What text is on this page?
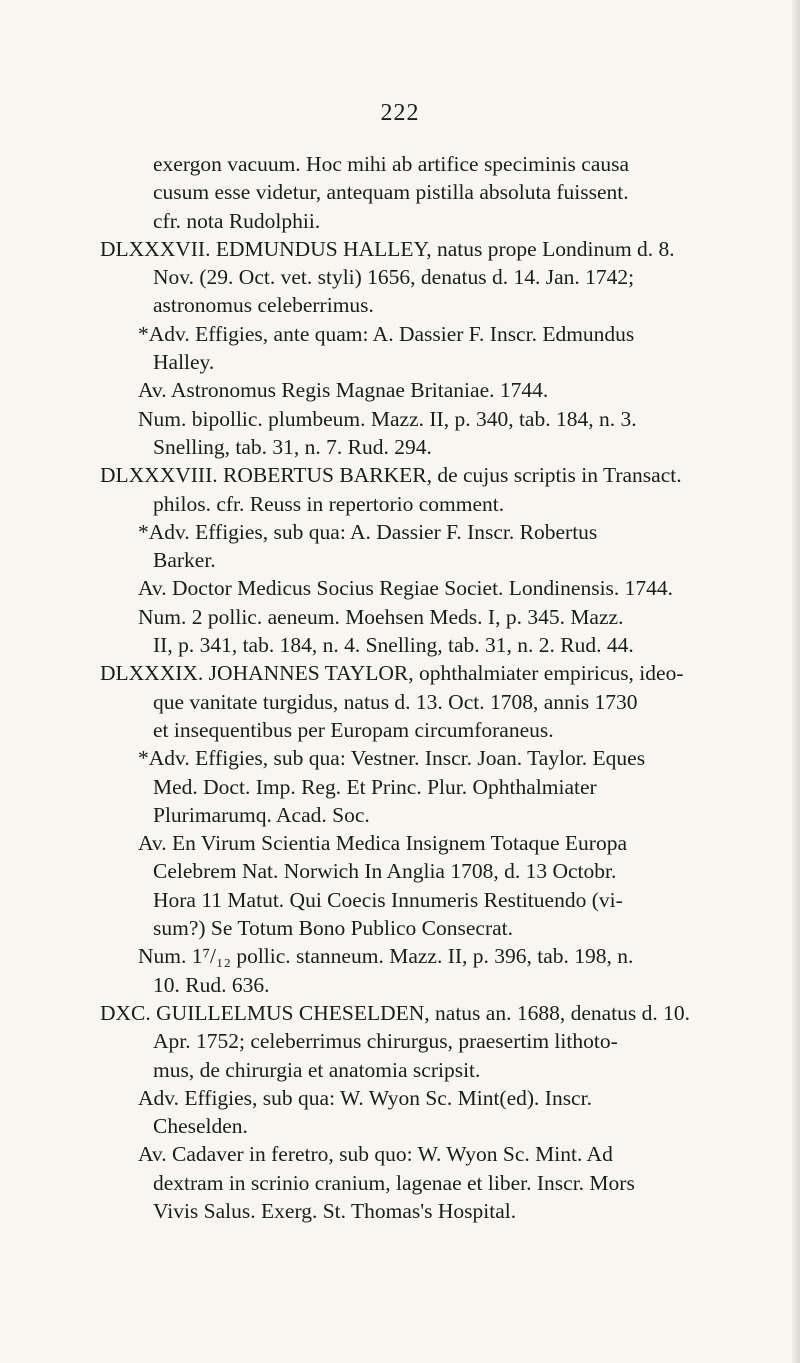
222
exergon vacuum. Hoc mihi ab artifice speciminis causa
cusum esse videtur, antequam pistilla absoluta fuissent.
cfr. nota Rudolphii.
DLXXXVII. EDMUNDUS HALLEY, natus prope Londinum d. 8.
Nov. (29. Oct. vet. styli) 1656, denatus d. 14. Jan. 1742;
astronomus celeberrimus.
*Adv. Effigies, ante quam: A. Dassier F. Inscr. Edmundus
Halley.
Av. Astronomus Regis Magnae Britaniae. 1744.
Num. bipollic. plumbeum. Mazz. II, p. 340, tab. 184, n. 3.
Snelling, tab. 31, n. 7. Rud. 294.
DLXXXVIII. ROBERTUS BARKER, de cujus scriptis in Transact.
philos. cfr. Reuss in repertorio comment.
*Adv. Effigies, sub qua: A. Dassier F. Inscr. Robertus
Barker.
Av. Doctor Medicus Socius Regiae Societ. Londinensis. 1744.
Num. 2 pollic. aeneum. Moehsen Meds. I, p. 345. Mazz.
II, p. 341, tab. 184, n. 4. Snelling, tab. 31, n. 2. Rud. 44.
DLXXXIX. JOHANNES TAYLOR, ophthalmiater empiricus, ideo-
que vanitate turgidus, natus d. 13. Oct. 1708, annis 1730
et insequentibus per Europam circumforaneus.
*Adv. Effigies, sub qua: Vestner. Inscr. Joan. Taylor. Eques
Med. Doct. Imp. Reg. Et Princ. Plur. Ophthalmiater
Plurimarumq. Acad. Soc.
Av. En Virum Scientia Medica Insignem Totaque Europa
Celebrem Nat. Norwich In Anglia 1708, d. 13 Octobr.
Hora 11 Matut. Qui Coecis Innumeris Restituendo (vi-
sum?) Se Totum Bono Publico Consecrat.
Num. 1⁷/₁₂ pollic. stanneum. Mazz. II, p. 396, tab. 198, n.
10. Rud. 636.
DXC. GUILLELMUS CHESELDEN, natus an. 1688, denatus d. 10.
Apr. 1752; celeberrimus chirurgus, praesertim lithoto-
mus, de chirurgia et anatomia scripsit.
Adv. Effigies, sub qua: W. Wyon Sc. Mint(ed). Inscr.
Cheselden.
Av. Cadaver in feretro, sub quo: W. Wyon Sc. Mint. Ad
dextram in scrinio cranium, lagenae et liber. Inscr. Mors
Vivis Salus. Exerg. St. Thomas's Hospital.
